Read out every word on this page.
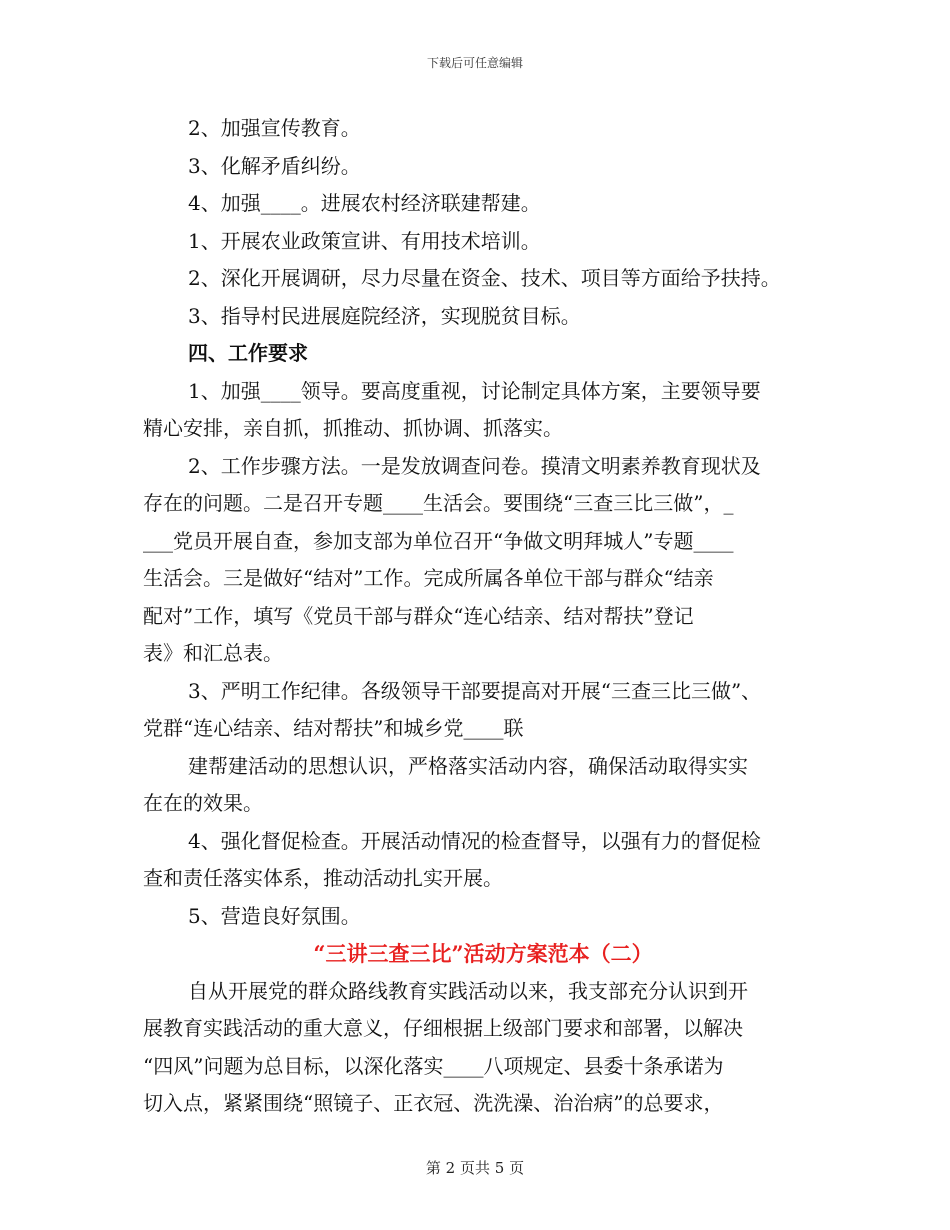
下载后可任意编辑

2、加强宣传教育。

3、化解矛盾纠纷。

4、加强____。进展农村经济联建帮建。

1、开展农业政策宣讲、有用技术培训。

2、深化开展调研，尽力尽量在资金、技术、项目等方面给予扶持。

3、指导村民进展庭院经济，实现脱贫目标。

四、工作要求

1、加强____领导。要高度重视，讨论制定具体方案，主要领导要

精心安排，亲自抓，抓推动、抓协调、抓落实。

2、工作步骤方法。一是发放调查问卷。摸清文明素养教育现状及

存在的问题。二是召开专题____生活会。要围绕“三查三比三做”，_

___党员开展自查，参加支部为单位召开“争做文明拜城人”专题____

生活会。三是做好“结对”工作。完成所属各单位干部与群众“结亲

配对”工作，填写《党员干部与群众“连心结亲、结对帮扶”登记

表》和汇总表。

3、严明工作纪律。各级领导干部要提高对开展“三查三比三做”、

党群“连心结亲、结对帮扶”和城乡党____联

建帮建活动的思想认识，严格落实活动内容，确保活动取得实实

在在的效果。

4、强化督促检查。开展活动情况的检查督导，以强有力的督促检

查和责任落实体系，推动活动扎实开展。

5、营造良好氛围。

“三讲三查三比”活动方案范本（二）

自从开展党的群众路线教育实践活动以来，我支部充分认识到开

展教育实践活动的重大意义，仔细根据上级部门要求和部署，以解决

“四风”问题为总目标，以深化落实____八项规定、县委十条承诺为

切入点，紧紧围绕“照镜子、正衣冠、洗洗澡、治治病”的总要求，

第 2 页共 5 页
